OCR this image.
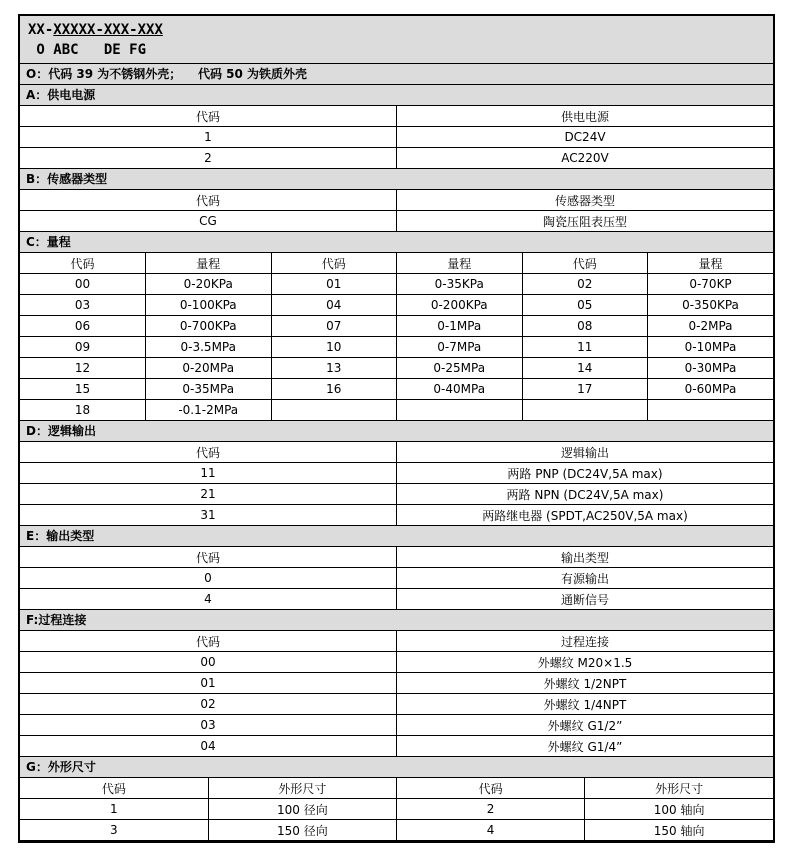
XX-XXXXX-XXX-XXX
O ABC   DE FG
O：代码 39 为不锈钢外壳；    代码 50 为铁质外壳
A：供电电源
代码	供电电源
1	DC24V
2	AC220V
B：传感器类型
代码	传感器类型
CG	陶瓷压阻表压型
C：量程
代码	量程	代码	量程	代码	量程
00	0-20KPa	01	0-35KPa	02	0-70KP
03	0-100KPa	04	0-200KPa	05	0-350KPa
06	0-700KPa	07	0-1MPa	08	0-2MPa
09	0-3.5MPa	10	0-7MPa	11	0-10MPa
12	0-20MPa	13	0-25MPa	14	0-30MPa
15	0-35MPa	16	0-40MPa	17	0-60MPa
18	-0.1-2MPa				
D：逻辑输出
代码	逻辑输出
11	两路 PNP (DC24V,5A max)
21	两路 NPN (DC24V,5A max)
31	两路继电器 (SPDT,AC250V,5A max)
E：输出类型
代码	输出类型
0	有源输出
4	通断信号
F:过程连接
代码	过程连接
00	外螺纹 M20×1.5
01	外螺纹 1/2NPT
02	外螺纹 1/4NPT
03	外螺纹 G1/2”
04	外螺纹 G1/4”
G：外形尺寸
代码	外形尺寸	代码	外形尺寸
1	100 径向	2	100 轴向
3	150 径向	4	150 轴向
